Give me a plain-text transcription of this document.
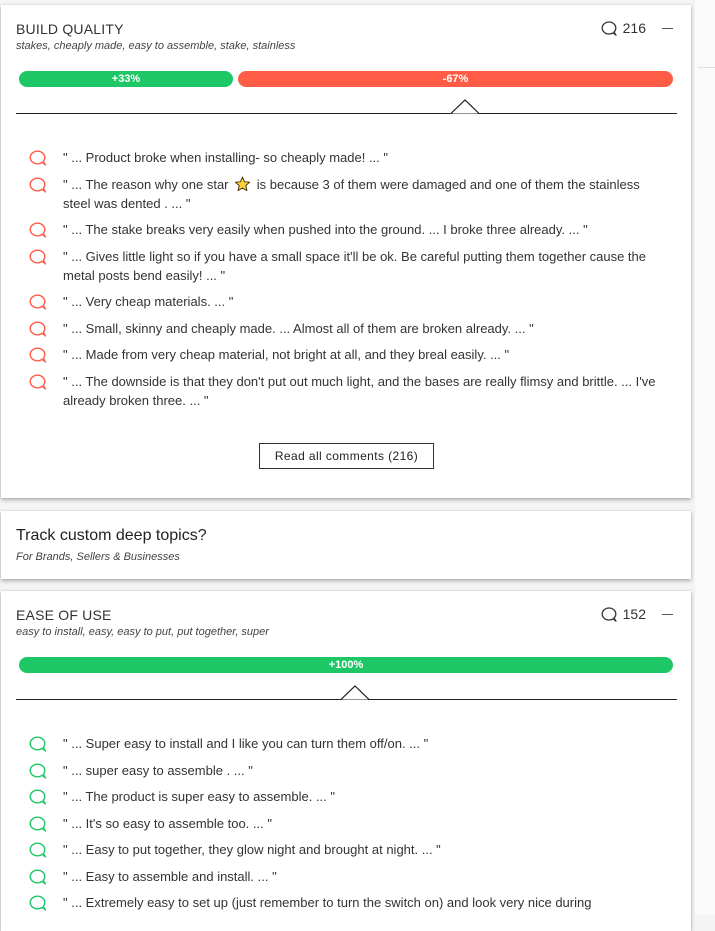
BUILD QUALITY
stakes, cheaply made, easy to assemble, stake, stainless
216
+33%	-67%
" ... Product broke when installing- so cheaply made! ... "
" ... The reason why one star  is because 3 of them were damaged and one of them the stainless steel was dented . ... "
" ... The stake breaks very easily when pushed into the ground. ... I broke three already. ... "
" ... Gives little light so if you have a small space it'll be ok. Be careful putting them together cause the metal posts bend easily! ... "
" ... Very cheap materials. ... "
" ... Small, skinny and cheaply made. ... Almost all of them are broken already. ... "
" ... Made from very cheap material, not bright at all, and they breal easily. ... "
" ... The downside is that they don't put out much light, and the bases are really flimsy and brittle. ... I've already broken three. ... "
Read all comments (216)
Track custom deep topics?
For Brands, Sellers & Businesses
EASE OF USE
easy to install, easy, easy to put, put together, super
152
+100%
" ... Super easy to install and I like you can turn them off/on. ... "
" ... super easy to assemble . ... "
" ... The product is super easy to assemble. ... "
" ... It's so easy to assemble too. ... "
" ... Easy to put together, they glow night and brought at night. ... "
" ... Easy to assemble and install. ... "
" ... Extremely easy to set up (just remember to turn the switch on) and look very nice during
